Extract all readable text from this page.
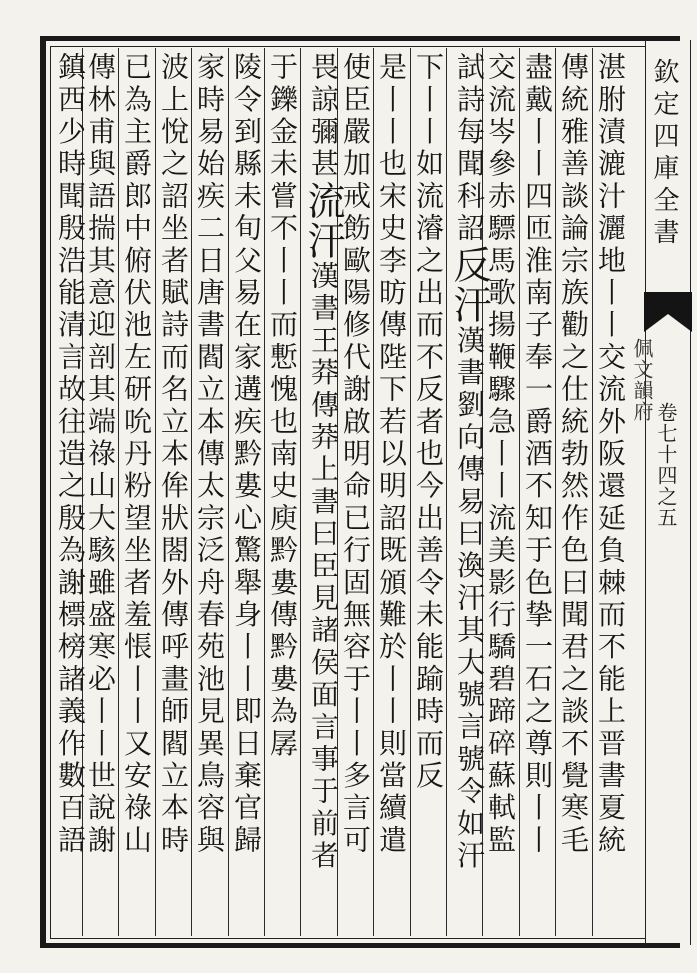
欽定四庫全書
佩文韻府
卷七十四之五
湛胕漬漉汁灑地丨丨交流外阪還延負棘而不能上晋書夏統
傳統雅善談論宗族勸之仕統勃然作色曰聞君之談不覺寒毛
盡戴丨丨四匝淮南子奉一爵酒不知于色挚一石之尊則丨丨
交流岑參赤驃馬歌揚鞭驟急丨丨流美影行驕碧蹄碎蘇軾監
試詩每聞科詔反汗漢書劉向傳易曰渙汗其大號言號令如汗
下丨丨如流濬之出而不反者也今出善令未能踰時而反
是丨丨也宋史李昉傳陛下若以明詔既頒難於丨丨則當續遣
使臣嚴加戒飭歐陽修代謝啟明命已行固無容于丨丨多言可
畏諒彌甚流汗漢書王莽傳莽上書曰臣見諸侯面言事于前者
于鑠金未嘗不丨丨而慙愧也南史庾黔婁傳黔婁為孱
陵令到縣未旬父易在家遘疾黔婁心驚舉身丨丨即日棄官歸
家時易始疾二日唐書閻立本傳太宗泛舟春苑池見異鳥容與
波上悅之詔坐者賦詩而名立本侔狀閤外傳呼畫師閻立本時
已為主爵郎中俯伏池左研吮丹粉望坐者羞悵丨丨又安祿山
傳林甫與語揣其意迎剖其端祿山大駭雖盛寒必丨丨世說謝
鎮西少時聞殷浩能清言故往造之殷為謝標榜諸義作數百語
